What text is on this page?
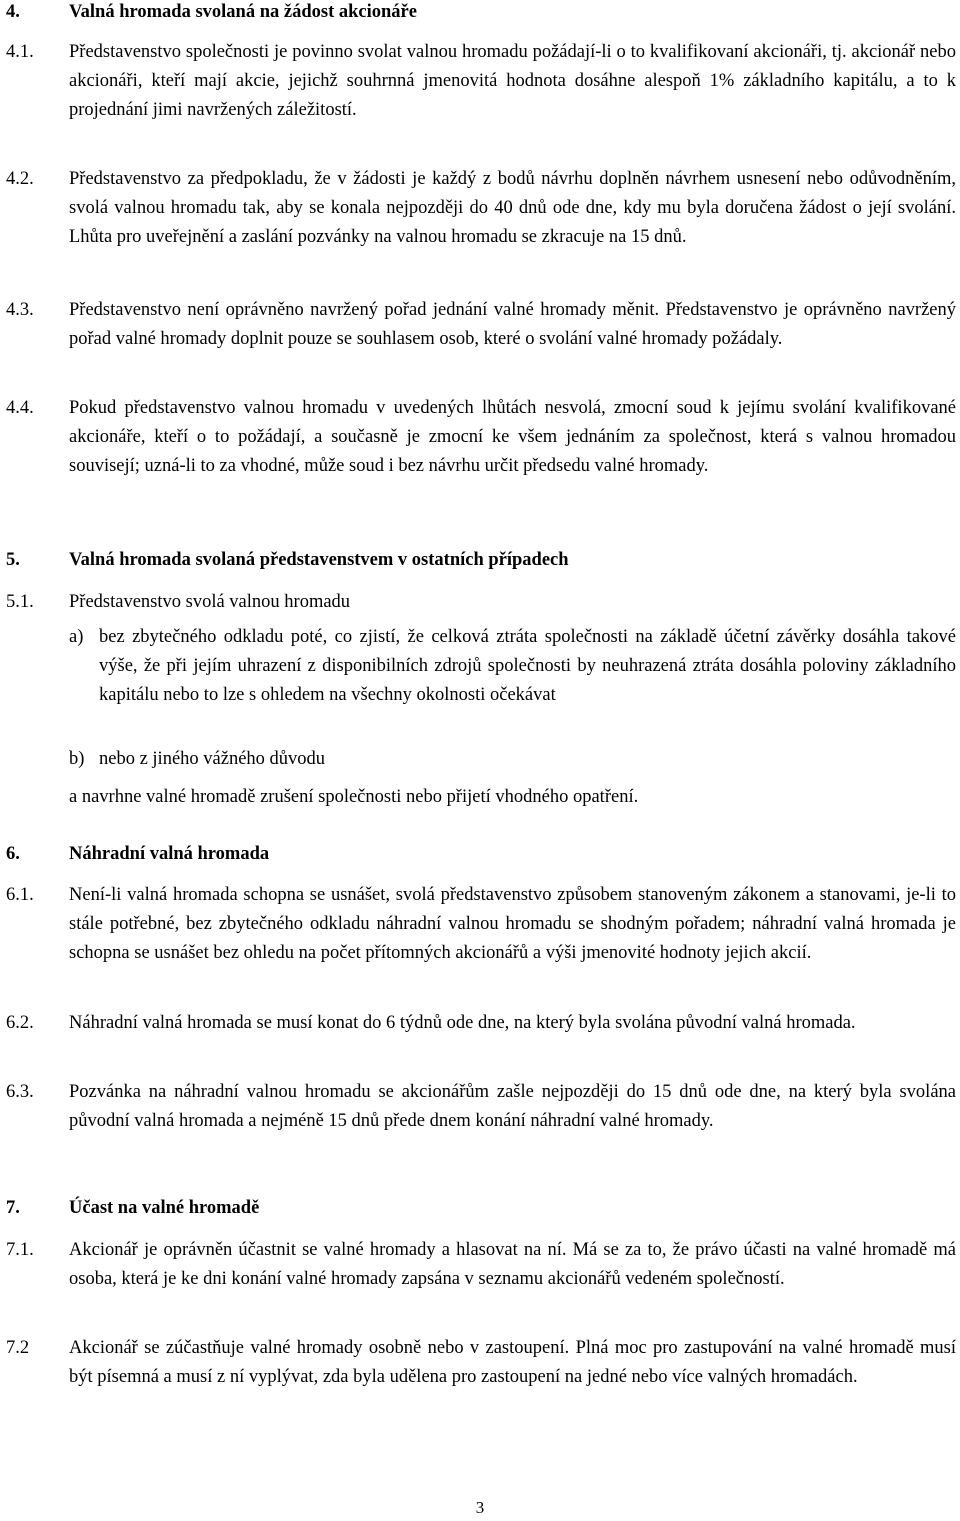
4.	Valná hromada svolaná na žádost akcionáře
4.1.	Představenstvo společnosti je povinno svolat valnou hromadu požádají-li o to kvalifikovaní akcionáři, tj. akcionář nebo akcionáři, kteří mají akcie, jejichž souhrnná jmenovitá hodnota dosáhne alespoň 1% základního kapitálu, a to k projednání jimi navržených záležitostí.
4.2.	Představenstvo za předpokladu, že v žádosti je každý z bodů návrhu doplněn návrhem usnesení nebo odůvodněním, svolá valnou hromadu tak, aby se konala nejpozději do 40 dnů ode dne, kdy mu byla doručena žádost o její svolání. Lhůta pro uveřejnění a zaslání pozvánky na valnou hromadu se zkracuje na 15 dnů.
4.3.	Představenstvo není oprávněno navržený pořad jednání valné hromady měnit. Představenstvo je oprávněno navržený pořad valné hromady doplnit pouze se souhlasem osob, které o svolání valné hromady požádaly.
4.4.	Pokud představenstvo valnou hromadu v uvedených lhůtách nesvolá, zmocní soud k jejímu svolání kvalifikované akcionáře, kteří o to požádají, a současně je zmocní ke všem jednáním za společnost, která s valnou hromadou souvisejí; uzná-li to za vhodné, může soud i bez návrhu určit předsedu valné hromady.
5.	Valná hromada svolaná představenstvem v ostatních případech
5.1.	Představenstvo svolá valnou hromadu
a) bez zbytečného odkladu poté, co zjistí, že celková ztráta společnosti na základě účetní závěrky dosáhla takové výše, že při jejím uhrazení z disponibilních zdrojů společnosti by neuhrazená ztráta dosáhla poloviny základního kapitálu nebo to lze s ohledem na všechny okolnosti očekávat
b) nebo z jiného vážného důvodu
a navrhne valné hromadě zrušení společnosti nebo přijetí vhodného opatření.
6.	Náhradní valná hromada
6.1.	Není-li valná hromada schopna se usnášet, svolá představenstvo způsobem stanoveným zákonem a stanovami, je-li to stále potřebné, bez zbytečného odkladu náhradní valnou hromadu se shodným pořadem; náhradní valná hromada je schopna se usnášet bez ohledu na počet přítomných akcionářů a výši jmenovité hodnoty jejich akcií.
6.2.	Náhradní valná hromada se musí konat do 6 týdnů ode dne, na který byla svolána původní valná hromada.
6.3.	Pozvánka na náhradní valnou hromadu se akcionářům zašle nejpozději do 15 dnů ode dne, na který byla svolána původní valná hromada a nejméně 15 dnů přede dnem konání náhradní valné hromady.
7.	Účast na valné hromadě
7.1.	Akcionář je oprávněn účastnit se valné hromady a hlasovat na ní. Má se za to, že právo účasti na valné hromadě má osoba, která je ke dni konání valné hromady zapsána v seznamu akcionářů vedeném společností.
7.2	Akcionář se zúčastňuje valné hromady osobně nebo v zastoupení. Plná moc pro zastupování na valné hromadě musí být písemná a musí z ní vyplývat, zda byla udělena pro zastoupení na jedné nebo více valných hromadách.
3
